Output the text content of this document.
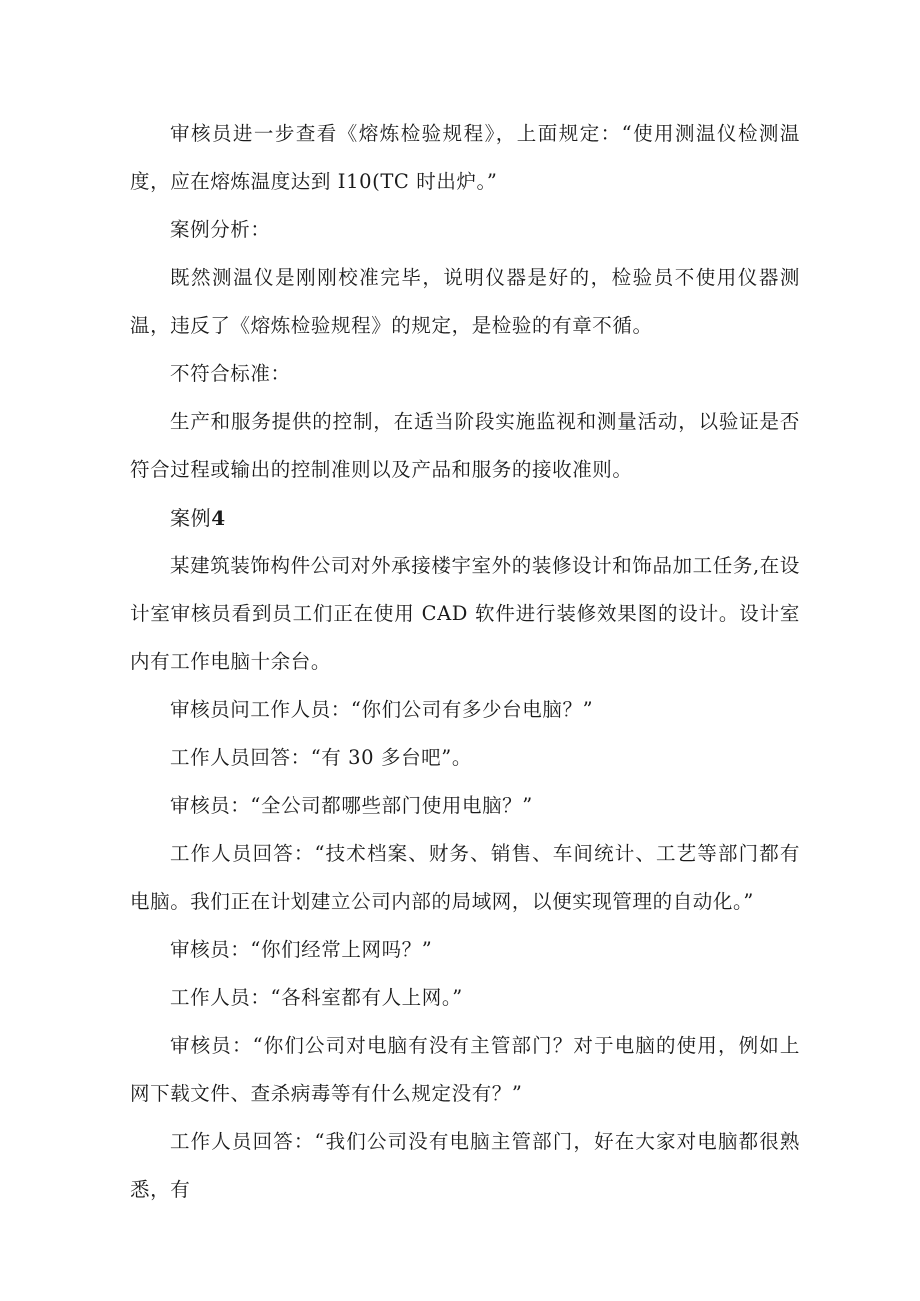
审核员进一步查看《熔炼检验规程》，上面规定：“使用测温仪检测温度，应在熔炼温度达到 I10(TC 时出炉。”

案例分析：

既然测温仪是刚刚校准完毕，说明仪器是好的，检验员不使用仪器测温，违反了《熔炼检验规程》的规定，是检验的有章不循。

不符合标准：

生产和服务提供的控制，在适当阶段实施监视和测量活动，以验证是否符合过程或输出的控制准则以及产品和服务的接收准则。

案例4

某建筑装饰构件公司对外承接楼宇室外的装修设计和饰品加工任务,在设计室审核员看到员工们正在使用 CAD 软件进行装修效果图的设计。设计室内有工作电脑十余台。

审核员问工作人员：“你们公司有多少台电脑？”

工作人员回答：“有 30 多台吧”。

审核员：“全公司都哪些部门使用电脑？”

工作人员回答：“技术档案、财务、销售、车间统计、工艺等部门都有电脑。我们正在计划建立公司内部的局域网，以便实现管理的自动化。”

审核员：“你们经常上网吗？”

工作人员：“各科室都有人上网。”

审核员：“你们公司对电脑有没有主管部门？对于电脑的使用，例如上网下载文件、查杀病毒等有什么规定没有？”

工作人员回答：“我们公司没有电脑主管部门，好在大家对电脑都很熟悉，有
